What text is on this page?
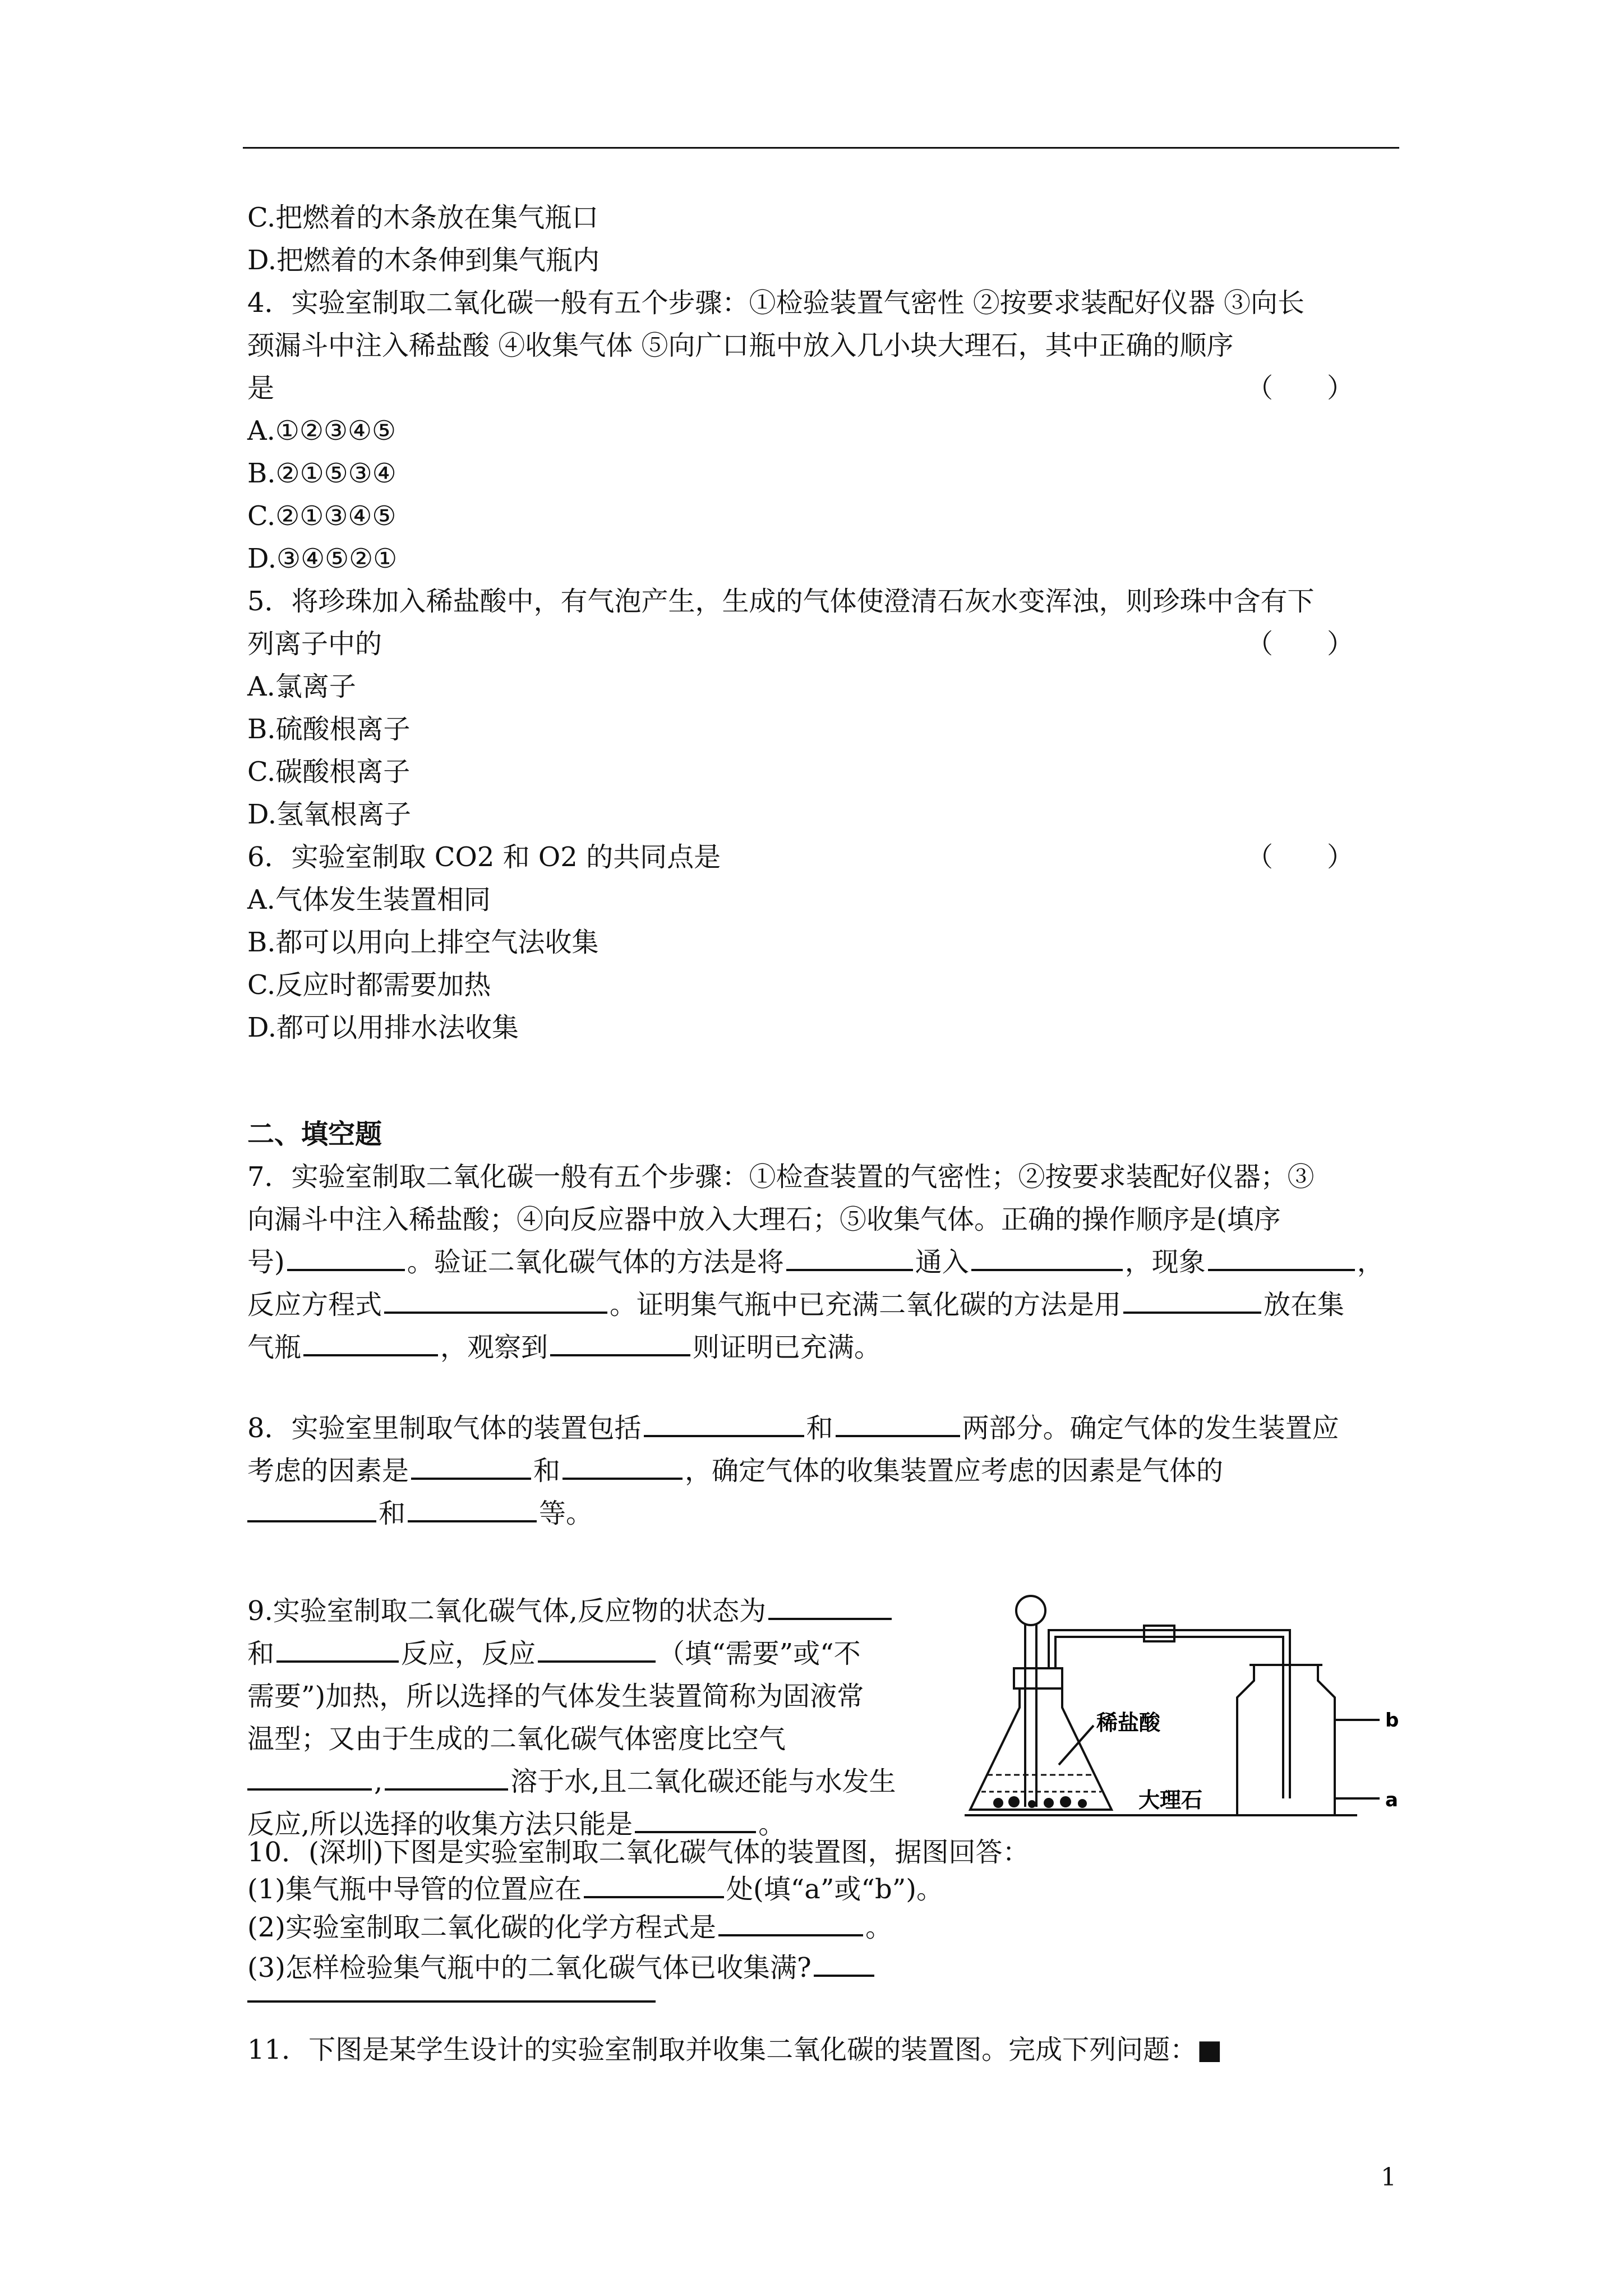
C.把燃着的木条放在集气瓶口
D.把燃着的木条伸到集气瓶内
4．实验室制取二氧化碳一般有五个步骤：①检验装置气密性 ②按要求装配好仪器 ③向长
颈漏斗中注入稀盐酸 ④收集气体 ⑤向广口瓶中放入几小块大理石，其中正确的顺序
是	（　　）
A.①②③④⑤
B.②①⑤③④
C.②①③④⑤
D.③④⑤②①
5．将珍珠加入稀盐酸中，有气泡产生，生成的气体使澄清石灰水变浑浊，则珍珠中含有下
列离子中的	（　　）
A.氯离子
B.硫酸根离子
C.碳酸根离子
D.氢氧根离子
6．实验室制取 CO2 和 O2 的共同点是	（　　）
A.气体发生装置相同
B.都可以用向上排空气法收集
C.反应时都需要加热
D.都可以用排水法收集
二、填空题
7．实验室制取二氧化碳一般有五个步骤：①检查装置的气密性；②按要求装配好仪器；③
向漏斗中注入稀盐酸；④向反应器中放入大理石；⑤收集气体。正确的操作顺序是(填序
号)	。验证二氧化碳气体的方法是将	通入	，现象	，
反应方程式	。证明集气瓶中已充满二氧化碳的方法是用	放在集
气瓶	，观察到	则证明已充满。
8．实验室里制取气体的装置包括	和	两部分。确定气体的发生装置应
考虑的因素是	和	，确定气体的收集装置应考虑的因素是气体的
和	等。
9.实验室制取二氧化碳气体,反应物的状态为
和	反应，反应	（填“需要”或“不
需要”)加热，所以选择的气体发生装置简称为固液常
温型；又由于生成的二氧化碳气体密度比空气
,	溶于水,且二氧化碳还能与水发生
反应,所以选择的收集方法只能是	。
10．(深圳)下图是实验室制取二氧化碳气体的装置图，据图回答：
(1)集气瓶中导管的位置应在	处(填“a”或“b”)。
(2)实验室制取二氧化碳的化学方程式是	。
(3)怎样检验集气瓶中的二氧化碳气体已收集满?
11．下图是某学生设计的实验室制取并收集二氧化碳的装置图。完成下列问题：■
稀盐酸
大理石
b
a
1
